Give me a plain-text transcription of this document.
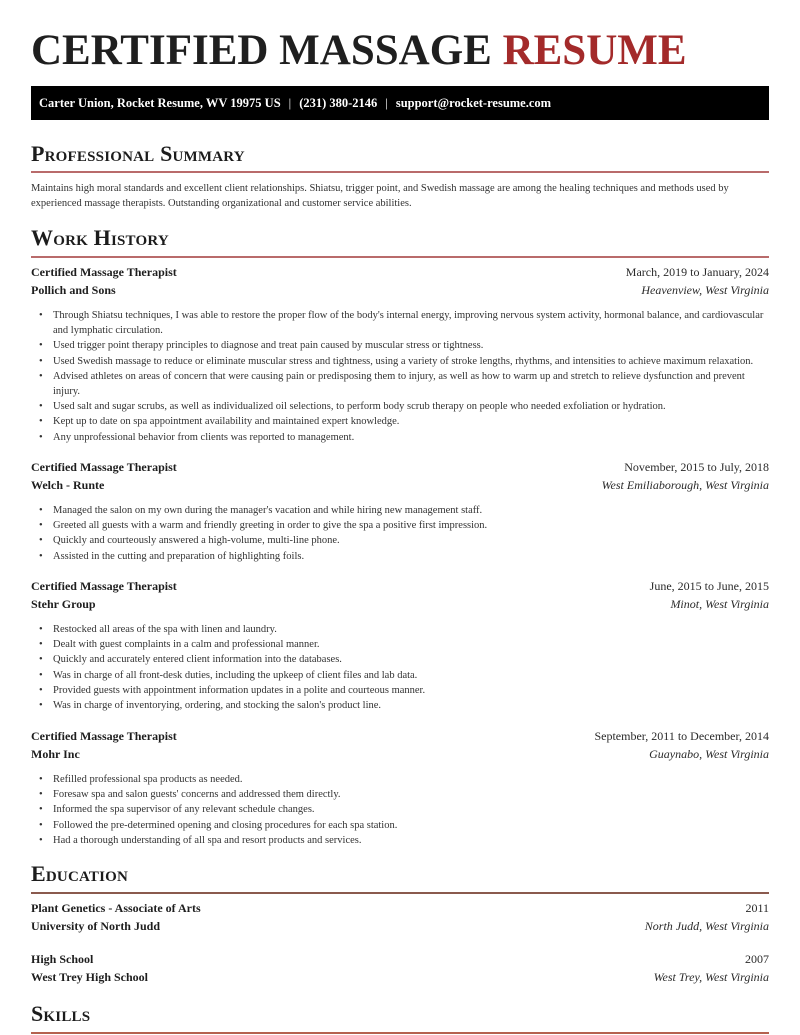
CERTIFIED MASSAGE RESUME
Carter Union, Rocket Resume, WV 19975 US | (231) 380-2146 | support@rocket-resume.com
Professional Summary

Maintains high moral standards and excellent client relationships. Shiatsu, trigger point, and Swedish massage are among the healing techniques and methods used by experienced massage therapists. Outstanding organizational and customer service abilities.

Work History
Certified Massage Therapist	March, 2019 to January, 2024
Pollich and Sons	Heavenview, West Virginia
• Through Shiatsu techniques, I was able to restore the proper flow of the body's internal energy, improving nervous system activity, hormonal balance, and cardiovascular and lymphatic circulation.
• Used trigger point therapy principles to diagnose and treat pain caused by muscular stress or tightness.
• Used Swedish massage to reduce or eliminate muscular stress and tightness, using a variety of stroke lengths, rhythms, and intensities to achieve maximum relaxation.
• Advised athletes on areas of concern that were causing pain or predisposing them to injury, as well as how to warm up and stretch to relieve dysfunction and prevent injury.
• Used salt and sugar scrubs, as well as individualized oil selections, to perform body scrub therapy on people who needed exfoliation or hydration.
• Kept up to date on spa appointment availability and maintained expert knowledge.
• Any unprofessional behavior from clients was reported to management.
Certified Massage Therapist	November, 2015 to July, 2018
Welch - Runte	West Emiliaborough, West Virginia
• Managed the salon on my own during the manager's vacation and while hiring new management staff.
• Greeted all guests with a warm and friendly greeting in order to give the spa a positive first impression.
• Quickly and courteously answered a high-volume, multi-line phone.
• Assisted in the cutting and preparation of highlighting foils.
Certified Massage Therapist	June, 2015 to June, 2015
Stehr Group	Minot, West Virginia
• Restocked all areas of the spa with linen and laundry.
• Dealt with guest complaints in a calm and professional manner.
• Quickly and accurately entered client information into the databases.
• Was in charge of all front-desk duties, including the upkeep of client files and lab data.
• Provided guests with appointment information updates in a polite and courteous manner.
• Was in charge of inventorying, ordering, and stocking the salon's product line.
Certified Massage Therapist	September, 2011 to December, 2014
Mohr Inc	Guaynabo, West Virginia
• Refilled professional spa products as needed.
• Foresaw spa and salon guests' concerns and addressed them directly.
• Informed the spa supervisor of any relevant schedule changes.
• Followed the pre-determined opening and closing procedures for each spa station.
• Had a thorough understanding of all spa and resort products and services.
Education
Plant Genetics - Associate of Arts	2011
University of North Judd	North Judd, West Virginia
High School	2007
West Trey High School	West Trey, West Virginia
Skills
